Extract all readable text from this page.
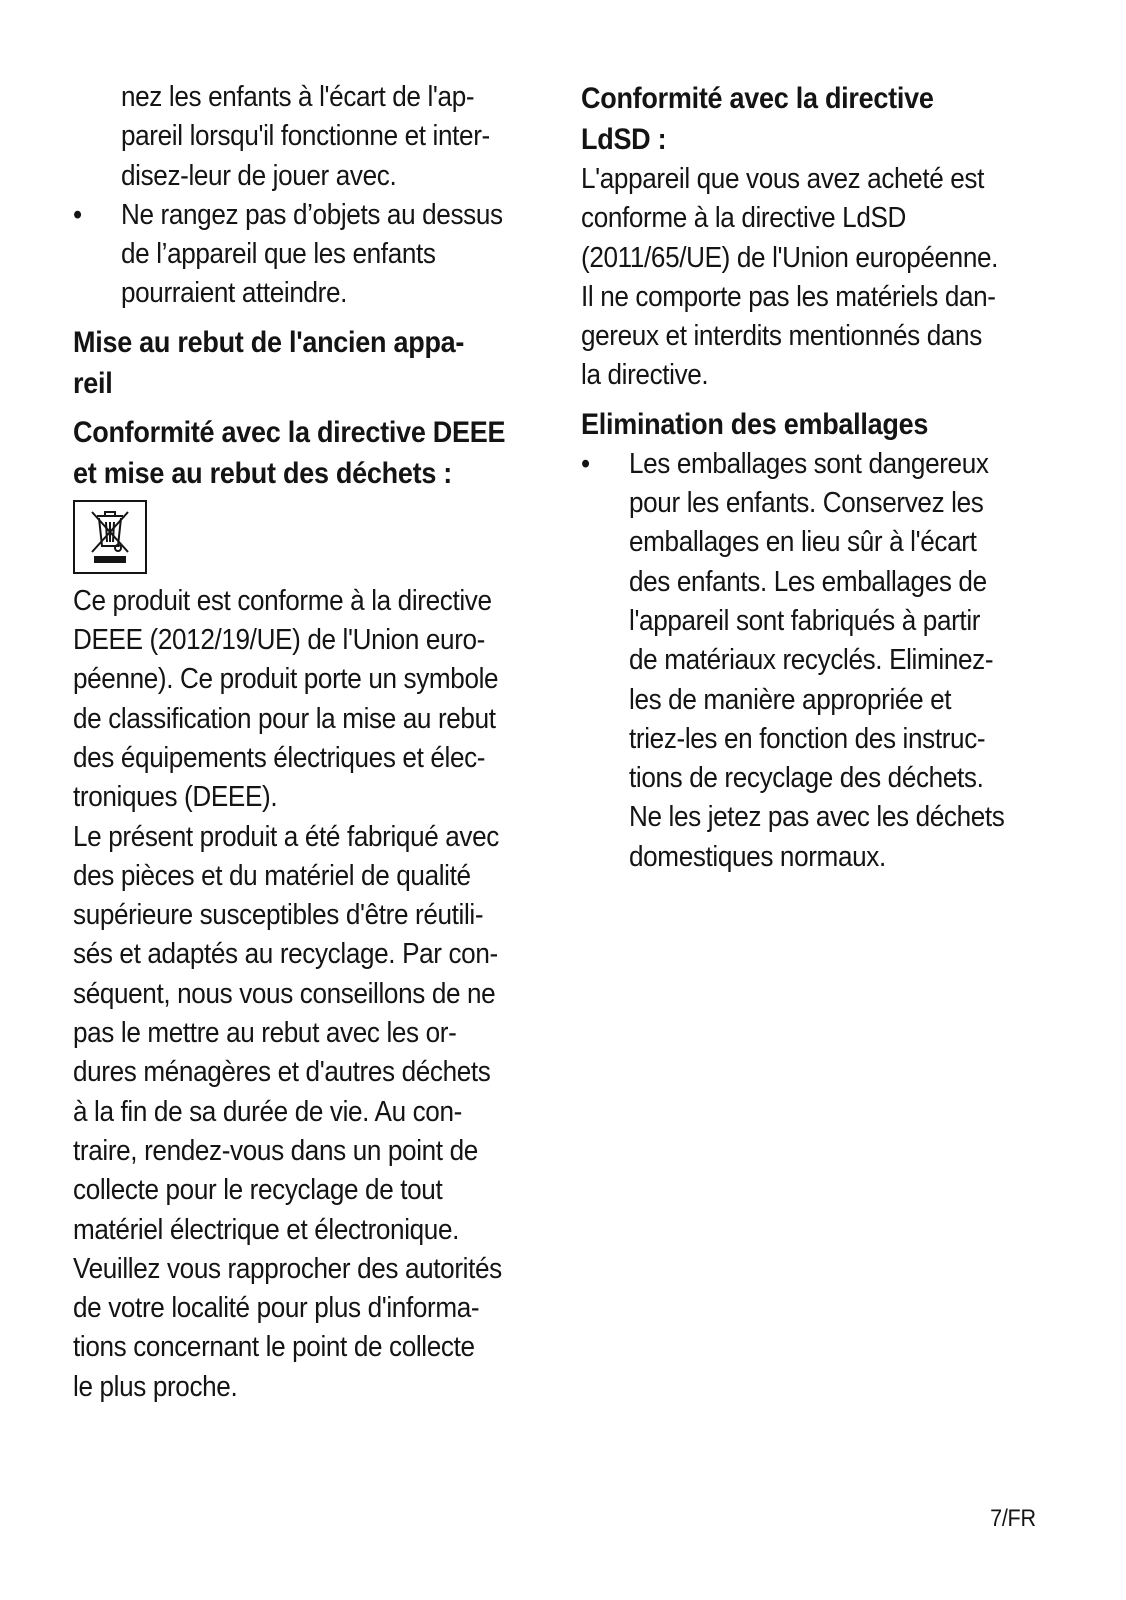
nez les enfants à l'écart de l'ap-

pareil lorsqu'il fonctionne et inter-

disez-leur de jouer avec.

•	Ne rangez pas d’objets au dessus

de l’appareil que les enfants

pourraient atteindre.

Mise au rebut de l'ancien appa-

reil

Conformité avec la directive DEEE

et mise au rebut des déchets :

Ce produit est conforme à la directive

DEEE (2012/19/UE) de l'Union euro-

péenne). Ce produit porte un symbole

de classification pour la mise au rebut

des équipements électriques et élec-

troniques (DEEE).

Le présent produit a été fabriqué avec

des pièces et du matériel de qualité

supérieure susceptibles d'être réutili-

sés et adaptés au recyclage. Par con-

séquent, nous vous conseillons de ne

pas le mettre au rebut avec les or-

dures ménagères et d'autres déchets

à la fin de sa durée de vie. Au con-

traire, rendez-vous dans un point de

collecte pour le recyclage de tout

matériel électrique et électronique.

Veuillez vous rapprocher des autorités

de votre localité pour plus d'informa-

tions concernant le point de collecte

le plus proche.

Conformité avec la directive

LdSD :

L'appareil que vous avez acheté est

conforme à la directive LdSD

(2011/65/UE) de l'Union européenne.

Il ne comporte pas les matériels dan-

gereux et interdits mentionnés dans

la directive.

Elimination des emballages

•	Les emballages sont dangereux

pour les enfants. Conservez les

emballages en lieu sûr à l'écart

des enfants. Les emballages de

l'appareil sont fabriqués à partir

de matériaux recyclés. Eliminez-

les de manière appropriée et

triez-les en fonction des instruc-

tions de recyclage des déchets.

Ne les jetez pas avec les déchets

domestiques normaux.

7/FR
